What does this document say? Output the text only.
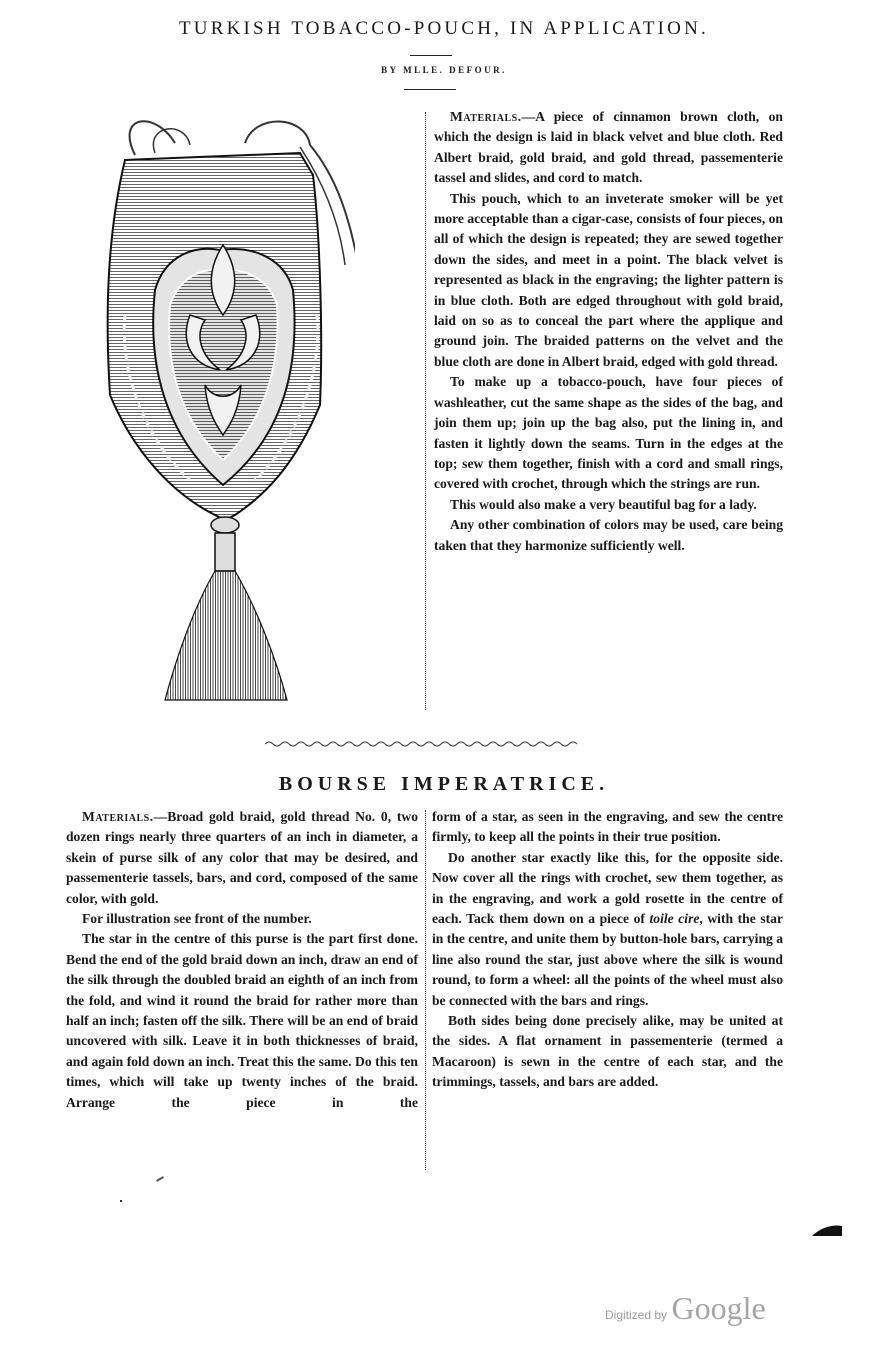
TURKISH TOBACCO-POUCH, IN APPLICATION.
BY MLLE. DEFOUR.

Materials.—A piece of cinnamon brown cloth, on which the design is laid in black velvet and blue cloth. Red Albert braid, gold braid, and gold thread, passementerie tassel and slides, and cord to match.

This pouch, which to an inveterate smoker will be yet more acceptable than a cigar-case, consists of four pieces, on all of which the design is repeated; they are sewed together down the sides, and meet in a point. The black velvet is represented as black in the engraving; the lighter pattern is in blue cloth. Both are edged throughout with gold braid, laid on so as to conceal the part where the applique and ground join. The braided patterns on the velvet and the blue cloth are done in Albert braid, edged with gold thread.

To make up a tobacco-pouch, have four pieces of washleather, cut the same shape as the sides of the bag, and join them up; join up the bag also, put the lining in, and fasten it lightly down the seams. Turn in the edges at the top; sew them together, finish with a cord and small rings, covered with crochet, through which the strings are run.

This would also make a very beautiful bag for a lady.

Any other combination of colors may be used, care being taken that they harmonize sufficiently well.

BOURSE IMPERATRICE.

Materials.—Broad gold braid, gold thread No. 0, two dozen rings nearly three quarters of an inch in diameter, a skein of purse silk of any color that may be desired, and passementerie tassels, bars, and cord, composed of the same color, with gold.

For illustration see front of the number.

The star in the centre of this purse is the part first done. Bend the end of the gold braid down an inch, draw an end of the silk through the doubled braid an eighth of an inch from the fold, and wind it round the braid for rather more than half an inch; fasten off the silk. There will be an end of braid uncovered with silk. Leave it in both thicknesses of braid, and again fold down an inch. Treat this the same. Do this ten times, which will take up twenty inches of the braid. Arrange the piece in the

form of a star, as seen in the engraving, and sew the centre firmly, to keep all the points in their true position.

Do another star exactly like this, for the opposite side. Now cover all the rings with crochet, sew them together, as in the engraving, and work a gold rosette in the centre of each. Tack them down on a piece of toile cire, with the star in the centre, and unite them by button-hole bars, carrying a line also round the star, just above where the silk is wound round, to form a wheel: all the points of the wheel must also be connected with the bars and rings.

Both sides being done precisely alike, may be united at the sides. A flat ornament in passementerie (termed a Macaroon) is sewn in the centre of each star, and the trimmings, tassels, and bars are added.

Digitized by Google
